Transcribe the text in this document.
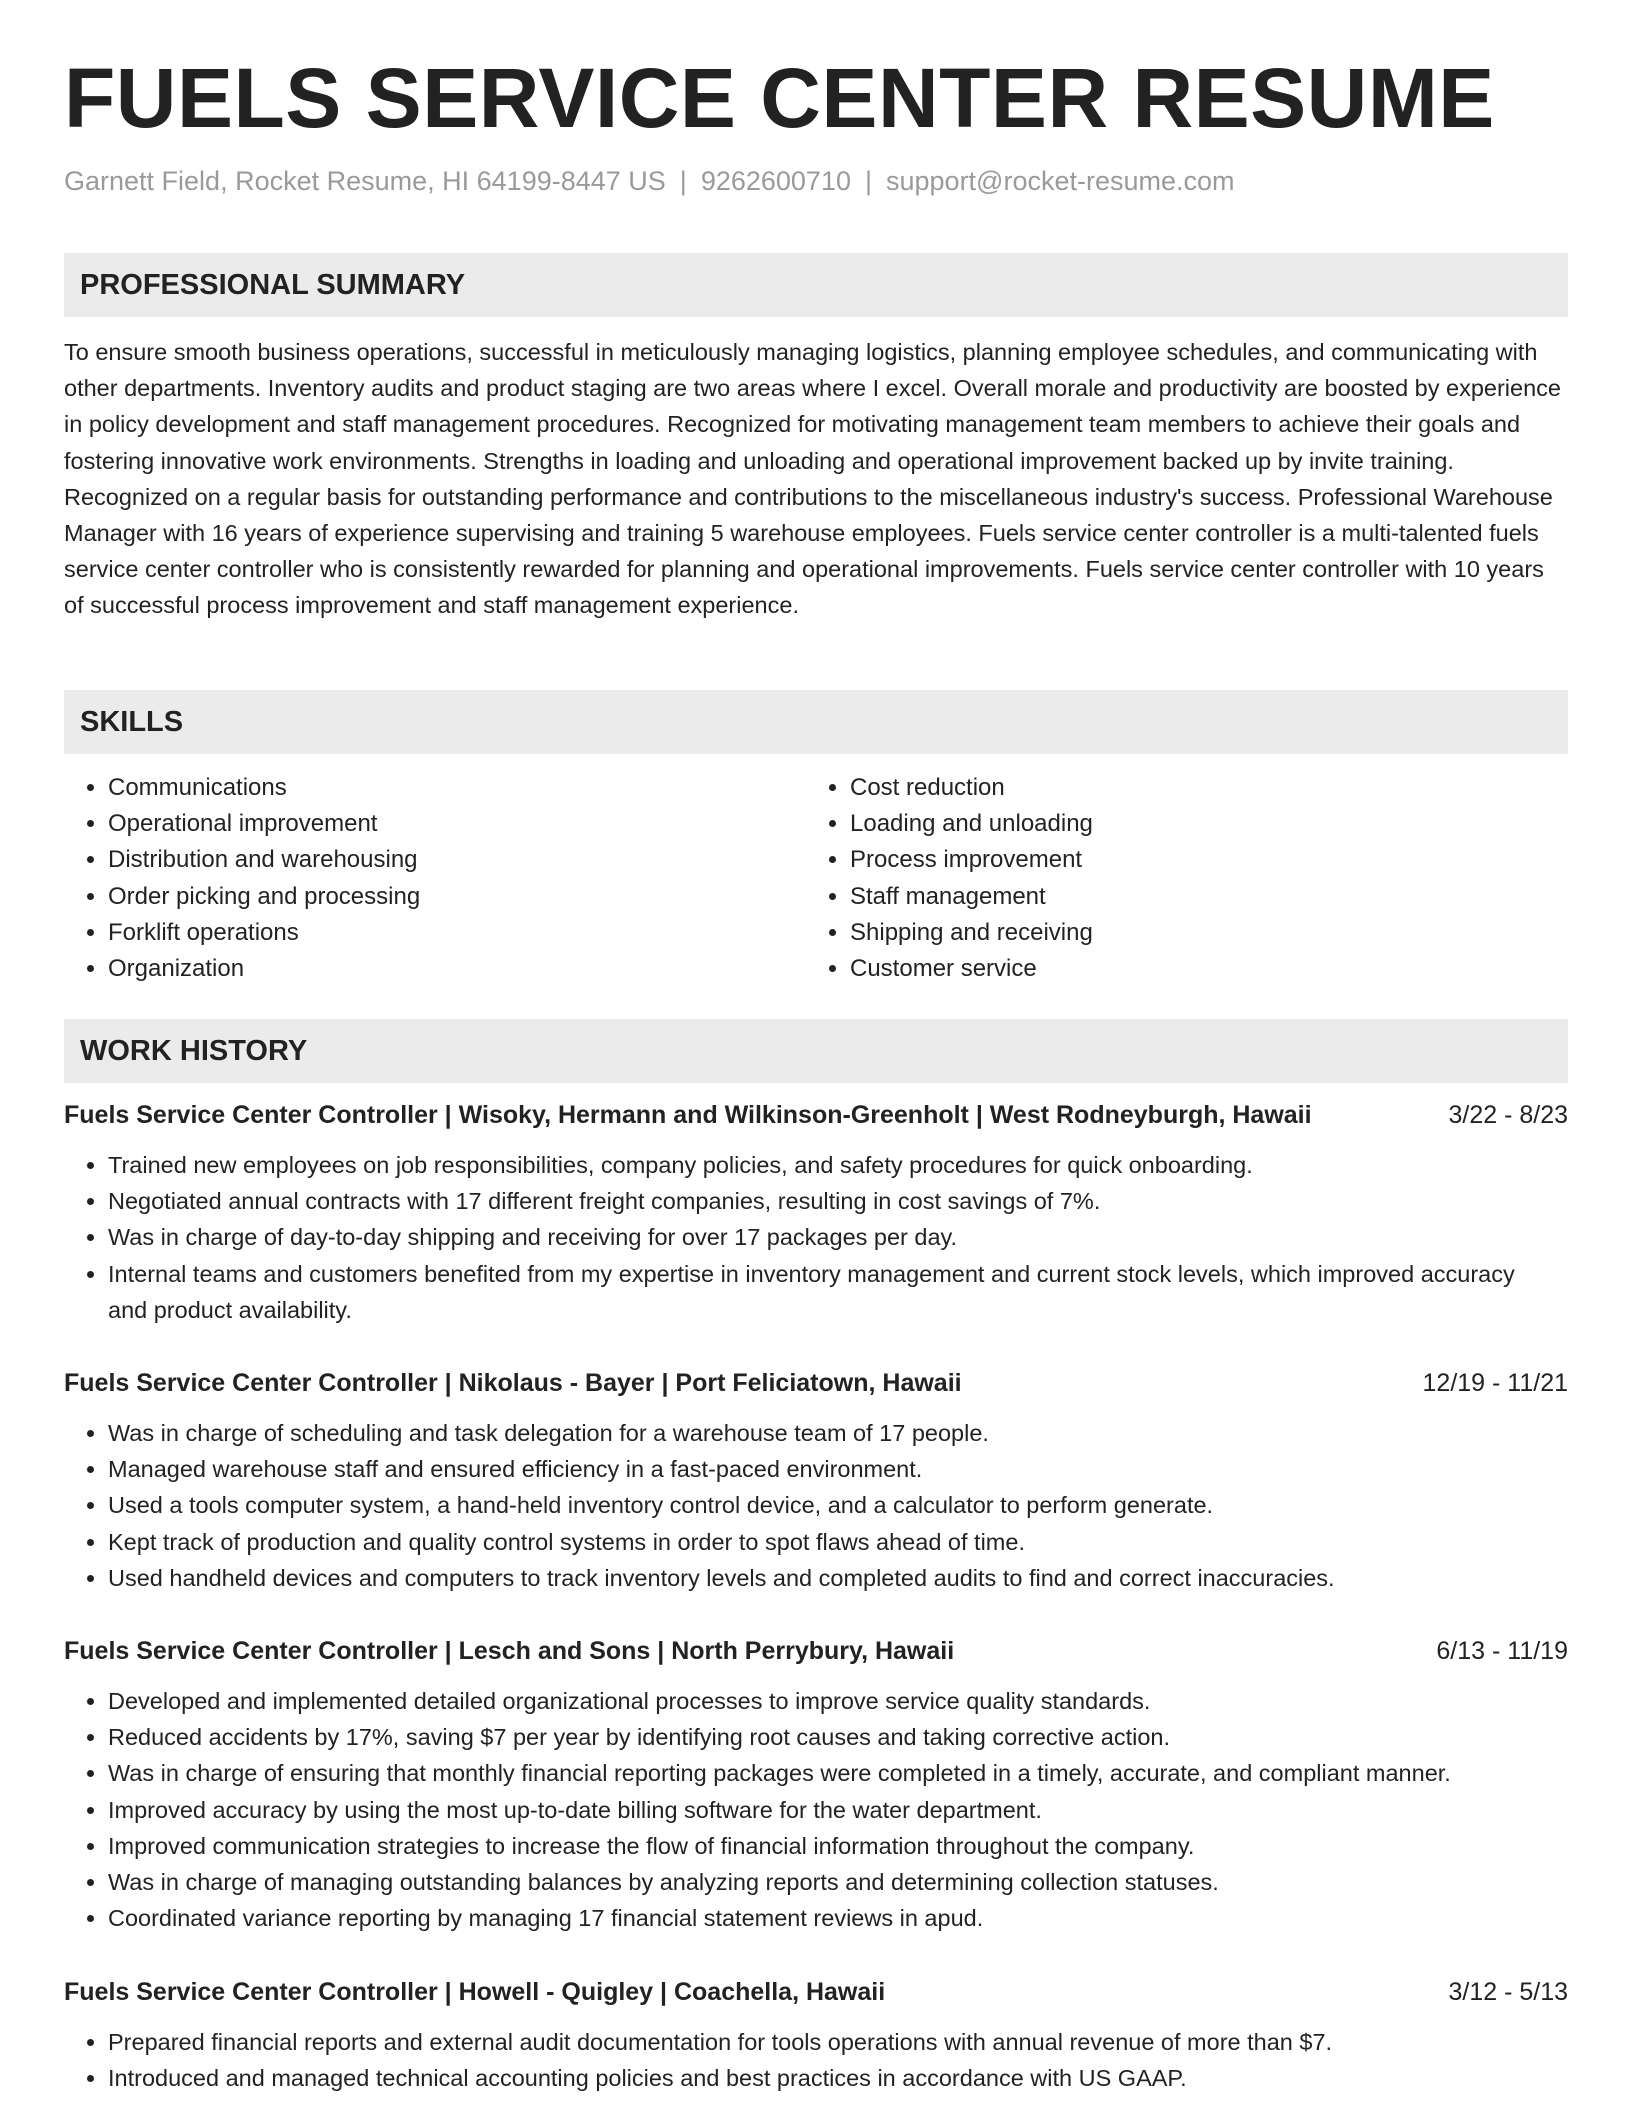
FUELS SERVICE CENTER RESUME
Garnett Field, Rocket Resume, HI 64199-8447 US | 9262600710 | support@rocket-resume.com
PROFESSIONAL SUMMARY

To ensure smooth business operations, successful in meticulously managing logistics, planning employee schedules, and communicating with other departments. Inventory audits and product staging are two areas where I excel. Overall morale and productivity are boosted by experience in policy development and staff management procedures. Recognized for motivating management team members to achieve their goals and fostering innovative work environments. Strengths in loading and unloading and operational improvement backed up by invite training. Recognized on a regular basis for outstanding performance and contributions to the miscellaneous industry's success. Professional Warehouse Manager with 16 years of experience supervising and training 5 warehouse employees. Fuels service center controller is a multi-talented fuels service center controller who is consistently rewarded for planning and operational improvements. Fuels service center controller with 10 years of successful process improvement and staff management experience.

SKILLS
• Communications
• Operational improvement
• Distribution and warehousing
• Order picking and processing
• Forklift operations
• Organization
• Cost reduction
• Loading and unloading
• Process improvement
• Staff management
• Shipping and receiving
• Customer service
WORK HISTORY
Fuels Service Center Controller | Wisoky, Hermann and Wilkinson-Greenholt | West Rodneyburgh, Hawaii	3/22 - 8/23
• Trained new employees on job responsibilities, company policies, and safety procedures for quick onboarding.
• Negotiated annual contracts with 17 different freight companies, resulting in cost savings of 7%.
• Was in charge of day-to-day shipping and receiving for over 17 packages per day.
• Internal teams and customers benefited from my expertise in inventory management and current stock levels, which improved accuracy and product availability.
Fuels Service Center Controller | Nikolaus - Bayer | Port Feliciatown, Hawaii	12/19 - 11/21
• Was in charge of scheduling and task delegation for a warehouse team of 17 people.
• Managed warehouse staff and ensured efficiency in a fast-paced environment.
• Used a tools computer system, a hand-held inventory control device, and a calculator to perform generate.
• Kept track of production and quality control systems in order to spot flaws ahead of time.
• Used handheld devices and computers to track inventory levels and completed audits to find and correct inaccuracies.
Fuels Service Center Controller | Lesch and Sons | North Perrybury, Hawaii	6/13 - 11/19
• Developed and implemented detailed organizational processes to improve service quality standards.
• Reduced accidents by 17%, saving $7 per year by identifying root causes and taking corrective action.
• Was in charge of ensuring that monthly financial reporting packages were completed in a timely, accurate, and compliant manner.
• Improved accuracy by using the most up-to-date billing software for the water department.
• Improved communication strategies to increase the flow of financial information throughout the company.
• Was in charge of managing outstanding balances by analyzing reports and determining collection statuses.
• Coordinated variance reporting by managing 17 financial statement reviews in apud.
Fuels Service Center Controller | Howell - Quigley | Coachella, Hawaii	3/12 - 5/13
• Prepared financial reports and external audit documentation for tools operations with annual revenue of more than $7.
• Introduced and managed technical accounting policies and best practices in accordance with US GAAP.
